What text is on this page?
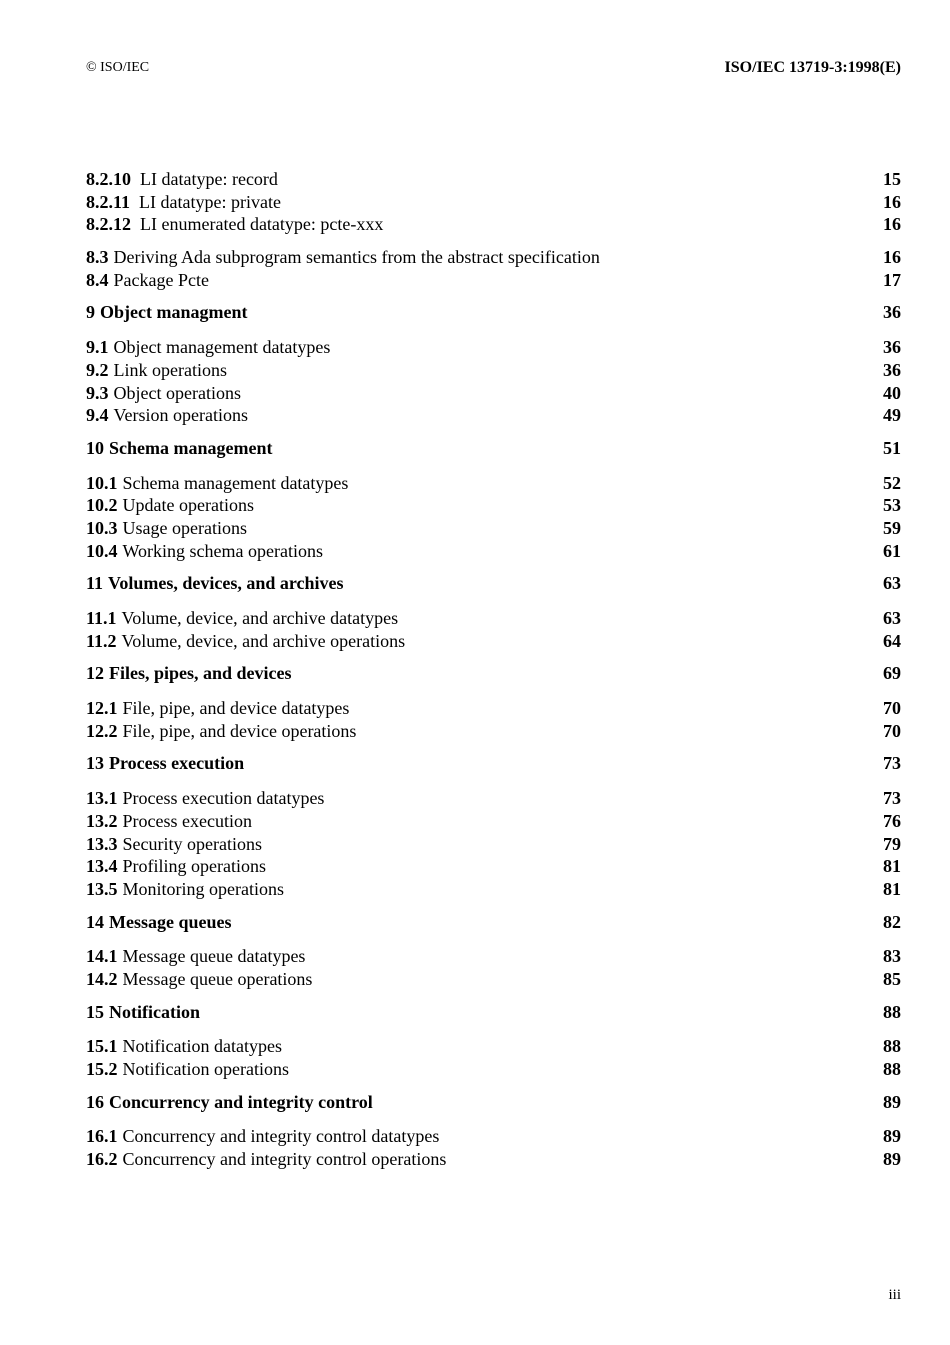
© ISO/IEC	ISO/IEC 13719-3:1998(E)
8.2.10 LI datatype: record	15
8.2.11 LI datatype: private	16
8.2.12 LI enumerated datatype: pcte-xxx	16
8.3 Deriving Ada subprogram semantics from the abstract specification	16
8.4 Package Pcte	17
9 Object managment	36
9.1 Object management datatypes	36
9.2 Link operations	36
9.3 Object operations	40
9.4 Version operations	49
10 Schema management	51
10.1 Schema management datatypes	52
10.2 Update operations	53
10.3 Usage operations	59
10.4 Working schema operations	61
11 Volumes, devices, and archives	63
11.1 Volume, device, and archive datatypes	63
11.2 Volume, device, and archive operations	64
12 Files, pipes, and devices	69
12.1 File, pipe, and device datatypes	70
12.2 File, pipe, and device operations	70
13 Process execution	73
13.1 Process execution datatypes	73
13.2 Process execution	76
13.3 Security operations	79
13.4 Profiling operations	81
13.5 Monitoring operations	81
14 Message queues	82
14.1 Message queue datatypes	83
14.2 Message queue operations	85
15 Notification	88
15.1 Notification datatypes	88
15.2 Notification operations	88
16 Concurrency and integrity control	89
16.1 Concurrency and integrity control datatypes	89
16.2 Concurrency and integrity control operations	89
iii
